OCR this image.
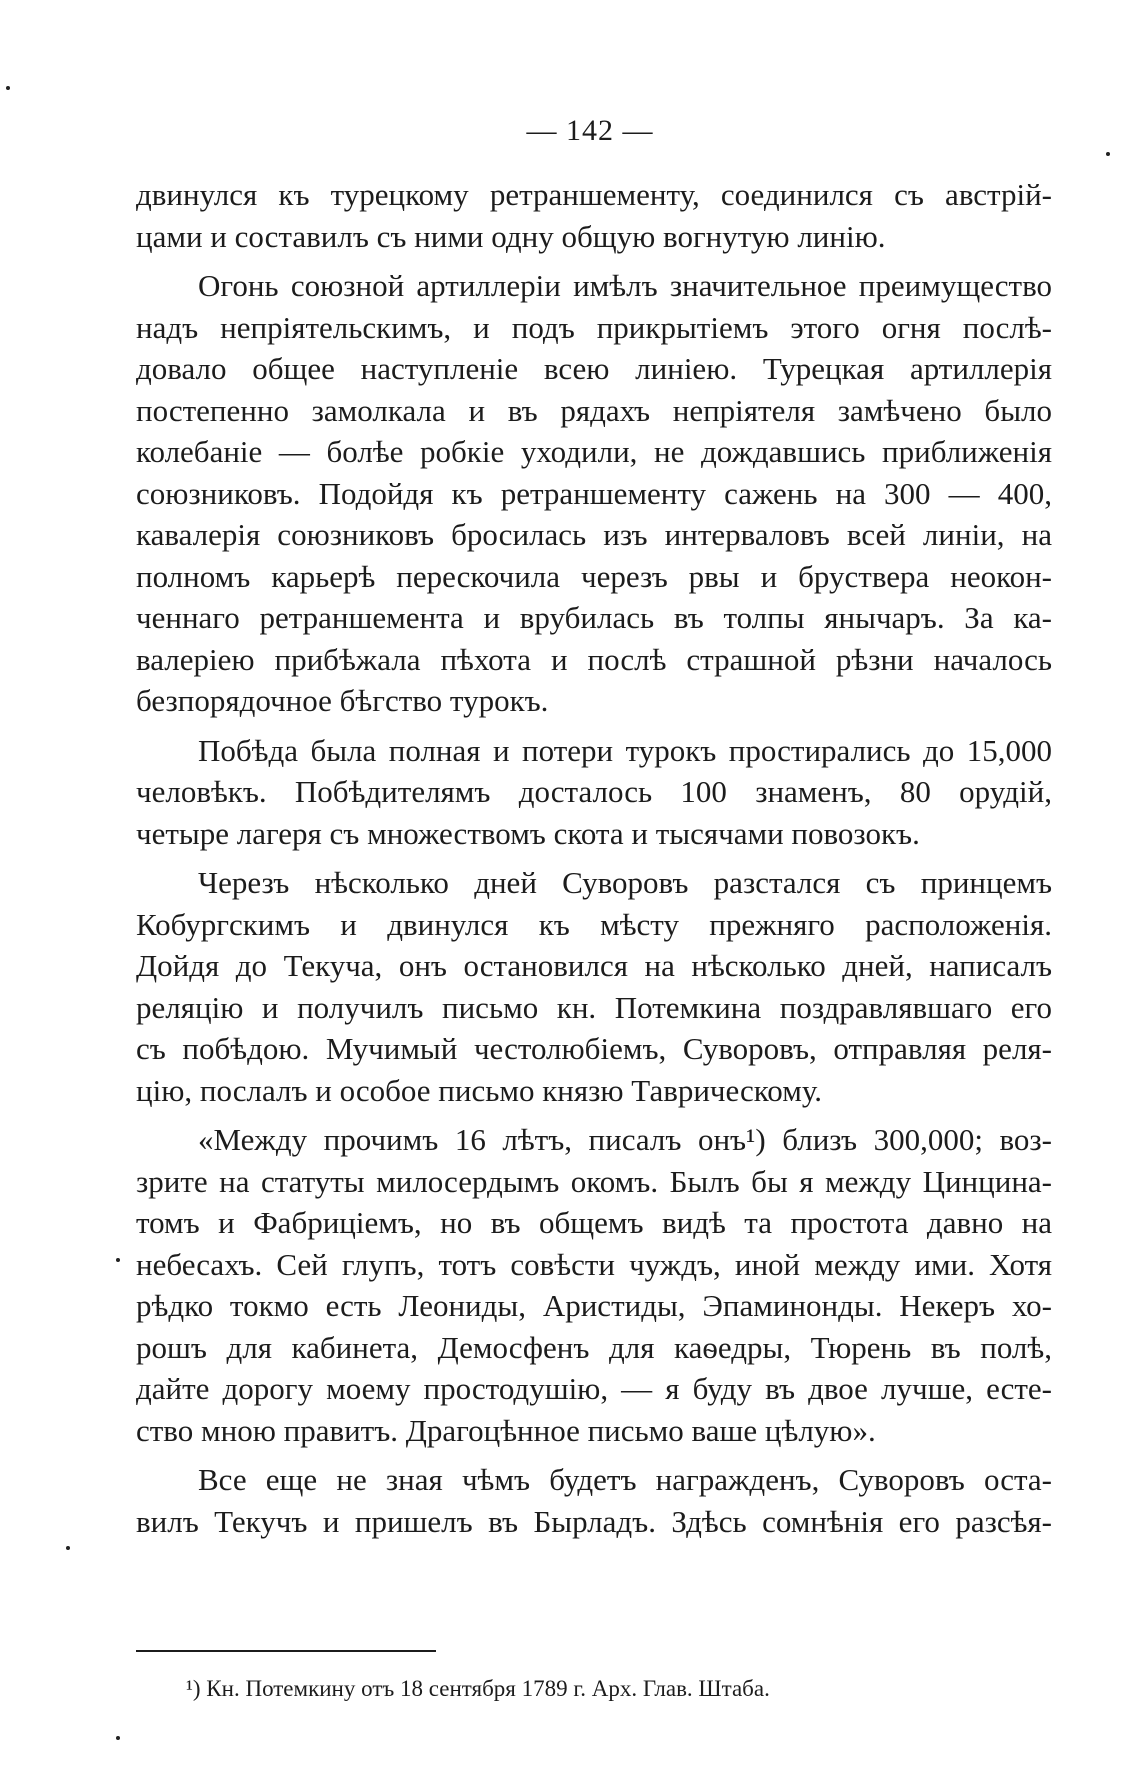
— 142 —
двинулся къ турецкому ретраншементу, соединился съ австрій-
цами и составилъ съ ними одну общую вогнутую линію.
Огонь союзной артиллеріи имѣлъ значительное преимущество
надъ непріятельскимъ, и подъ прикрытіемъ этого огня послѣ-
довало общее наступленіе всею линіею. Турецкая артиллерія
постепенно замолкала и въ рядахъ непріятеля замѣчено было
колебаніе — болѣе робкіе уходили, не дождавшись приближенія
союзниковъ. Подойдя къ ретраншементу сажень на 300 — 400,
кавалерія союзниковъ бросилась изъ интерваловъ всей линіи, на
полномъ карьерѣ перескочила черезъ рвы и бруствера неокон-
ченнаго ретраншемента и врубилась въ толпы янычаръ. За ка-
валеріею прибѣжала пѣхота и послѣ страшной рѣзни началось
безпорядочное бѣгство турокъ.
Побѣда была полная и потери турокъ простирались до 15,000
человѣкъ. Побѣдителямъ досталось 100 знаменъ, 80 орудій,
четыре лагеря съ множествомъ скота и тысячами повозокъ.
Черезъ нѣсколько дней Суворовъ разстался съ принцемъ
Кобургскимъ и двинулся къ мѣсту прежняго расположенія.
Дойдя до Текуча, онъ остановился на нѣсколько дней, написалъ
реляцію и получилъ письмо кн. Потемкина поздравлявшаго его
съ побѣдою. Мучимый честолюбіемъ, Суворовъ, отправляя реля-
цію, послалъ и особое письмо князю Таврическому.
«Между прочимъ 16 лѣтъ, писалъ онъ¹) близъ 300,000; воз-
зрите на статуты милосердымъ окомъ. Былъ бы я между Цинцина-
томъ и Фабриціемъ, но въ общемъ видѣ та простота давно на
небесахъ. Сей глупъ, тотъ совѣсти чуждъ, иной между ими. Хотя
рѣдко токмо есть Леониды, Аристиды, Эпаминонды. Некеръ хо-
рошъ для кабинета, Демосфенъ для каѳедры, Тюрень въ полѣ,
дайте дорогу моему простодушію, — я буду въ двое лучше, есте-
ство мною правитъ. Драгоцѣнное письмо ваше цѣлую».
Все еще не зная чѣмъ будетъ награжденъ, Суворовъ оста-
вилъ Текучъ и пришелъ въ Бырладъ. Здѣсь сомнѣнія его разсѣя-
¹) Кн. Потемкину отъ 18 сентября 1789 г. Арх. Глав. Штаба.
